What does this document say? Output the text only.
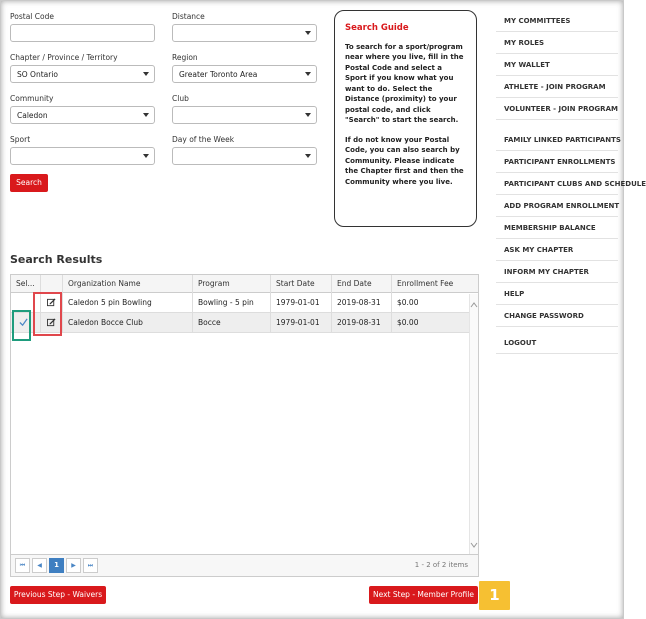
Postal Code	Distance
Chapter / Province / Territory
SO Ontario
Region
Greater Toronto Area
Community
Caledon
Club
Sport	Day of the Week
Search
Search Guide

To search for a sport/program near where you live, fill in the Postal Code and select a Sport if you know what you want to do. Select the Distance (proximity) to your postal code, and click "Search" to start the search.

If do not know your Postal Code, you can also search by Community. Please indicate the Chapter first and then the Community where you live.

Search Results
Sel...	Organization Name	Program	Start Date	End Date	Enrollment Fee
Caledon 5 pin Bowling	Bowling - 5 pin	1979-01-01	2019-08-31	$0.00
Caledon Bocce Club	Bocce	1979-01-01	2019-08-31	$0.00
⏮	◀	1	▶	⏭	1 - 2 of 2 items
MY COMMITTEES
MY ROLES
MY WALLET
ATHLETE - JOIN PROGRAM
VOLUNTEER - JOIN PROGRAM
FAMILY LINKED PARTICIPANTS
PARTICIPANT ENROLLMENTS
PARTICIPANT CLUBS AND SCHEDULE
ADD PROGRAM ENROLLMENT
MEMBERSHIP BALANCE
ASK MY CHAPTER
INFORM MY CHAPTER
HELP
CHANGE PASSWORD
LOGOUT
Previous Step - Waivers	Next Step - Member Profile	1
